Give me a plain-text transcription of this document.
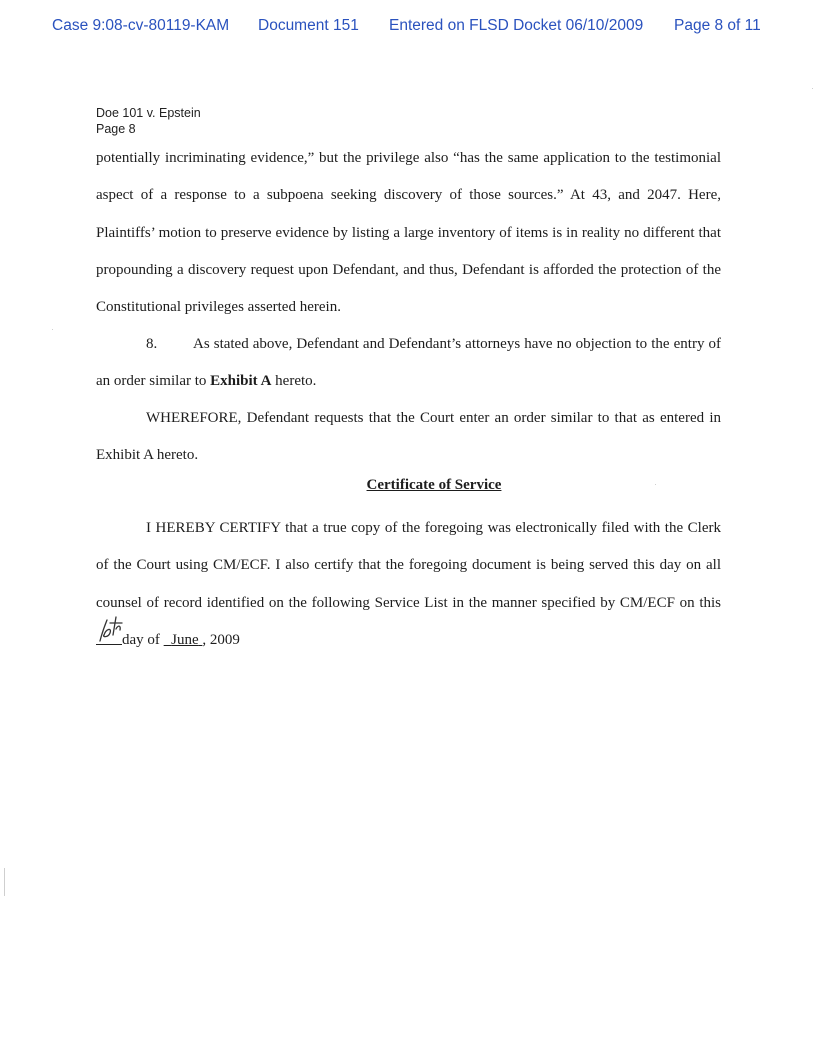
Case 9:08-cv-80119-KAM Document 151 Entered on FLSD Docket 06/10/2009 Page 8 of 11
Doe 101 v. Epstein
Page 8
potentially incriminating evidence,” but the privilege also “has the same application to the testimonial aspect of a response to a subpoena seeking discovery of those sources.” At 43, and 2047. Here, Plaintiffs’ motion to preserve evidence by listing a large inventory of items is in reality no different that propounding a discovery request upon Defendant, and thus, Defendant is afforded the protection of the Constitutional privileges asserted herein.
8. As stated above, Defendant and Defendant’s attorneys have no objection to the entry of an order similar to Exhibit A hereto.
WHEREFORE, Defendant requests that the Court enter an order similar to that as entered in Exhibit A hereto.
Certificate of Service
I HEREBY CERTIFY that a true copy of the foregoing was electronically filed with the Clerk of the Court using CM/ECF. I also certify that the foregoing document is being served this day on all counsel of record identified on the following Service List in the manner specified by CM/ECF on this
day of June , 2009
